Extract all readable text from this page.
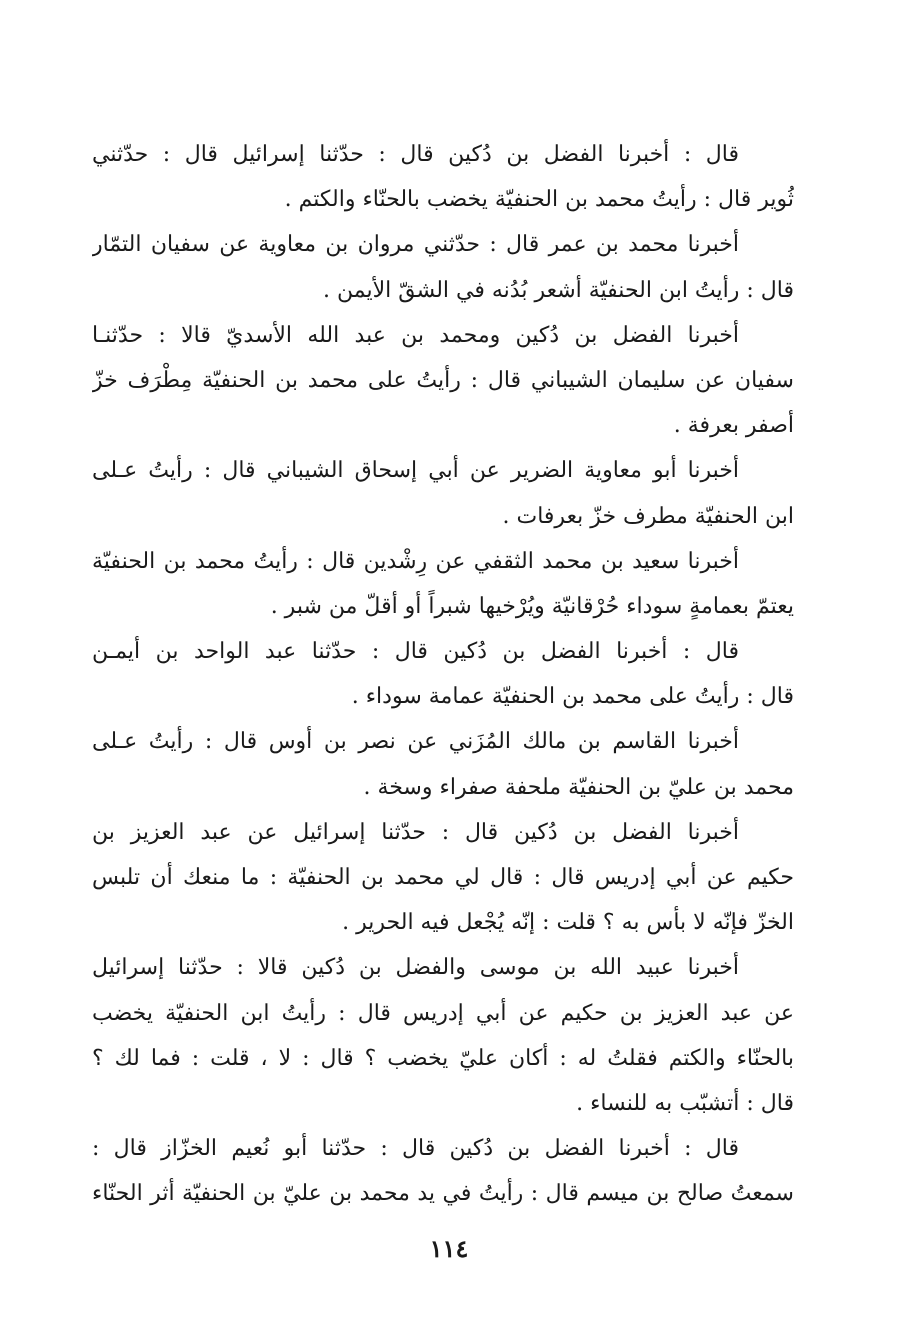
قال : أخبرنا الفضل بن دُكين قال : حدّثنا إسرائيل قال : حدّثني
ثُوير قال : رأيتُ محمد بن الحنفيّة يخضب بالحنّاء والكتم .
أخبرنا محمد بن عمر قال : حدّثني مروان بن معاوية عن سفيان التمّار
قال : رأيتُ ابن الحنفيّة أشعر بُدُنه في الشقّ الأيمن .
أخبرنا الفضل بن دُكين ومحمد بن عبد الله الأسديّ قالا : حدّثنـا
سفيان عن سليمان الشيباني قال : رأيتُ على محمد بن الحنفيّة مِطْرَف خزّ
أصفر بعرفة .
أخبرنا أبو معاوية الضرير عن أبي إسحاق الشيباني قال : رأيتُ عـلى
ابن الحنفيّة مطرف خزّ بعرفات .
أخبرنا سعيد بن محمد الثقفي عن رِشْدين قال : رأيتُ محمد بن الحنفيّة
يعتمّ بعمامةٍ سوداء حُرْقانيّة ويُرْخيها شبراً أو أقلّ من شبر .
قال : أخبرنا الفضل بن دُكين قال : حدّثنا عبد الواحد بن أيمـن
قال : رأيتُ على محمد بن الحنفيّة عمامة سوداء .
أخبرنا القاسم بن مالك المُزَني عن نصر بن أوس قال : رأيتُ عـلى
محمد بن عليّ بن الحنفيّة ملحفة صفراء وسخة .
أخبرنا الفضل بن دُكين قال : حدّثنا إسرائيل عن عبد العزيز بن
حكيم عن أبي إدريس قال : قال لي محمد بن الحنفيّة : ما منعك أن تلبس
الخزّ فإنّه لا بأس به ؟ قلت : إنّه يُجْعل فيه الحرير .
أخبرنا عبيد الله بن موسى والفضل بن دُكين قالا : حدّثنا إسرائيل
عن عبد العزيز بن حكيم عن أبي إدريس قال : رأيتُ ابن الحنفيّة يخضب
بالحنّاء والكتم فقلتُ له : أكان عليّ يخضب ؟ قال : لا ، قلت : فما لك ؟
قال : أتشبّب به للنساء .
قال : أخبرنا الفضل بن دُكين قال : حدّثنا أبو نُعيم الخزّاز قال :
سمعتُ صالح بن ميسم قال : رأيتُ في يد محمد بن عليّ بن الحنفيّة أثر الحنّاء
١١٤
